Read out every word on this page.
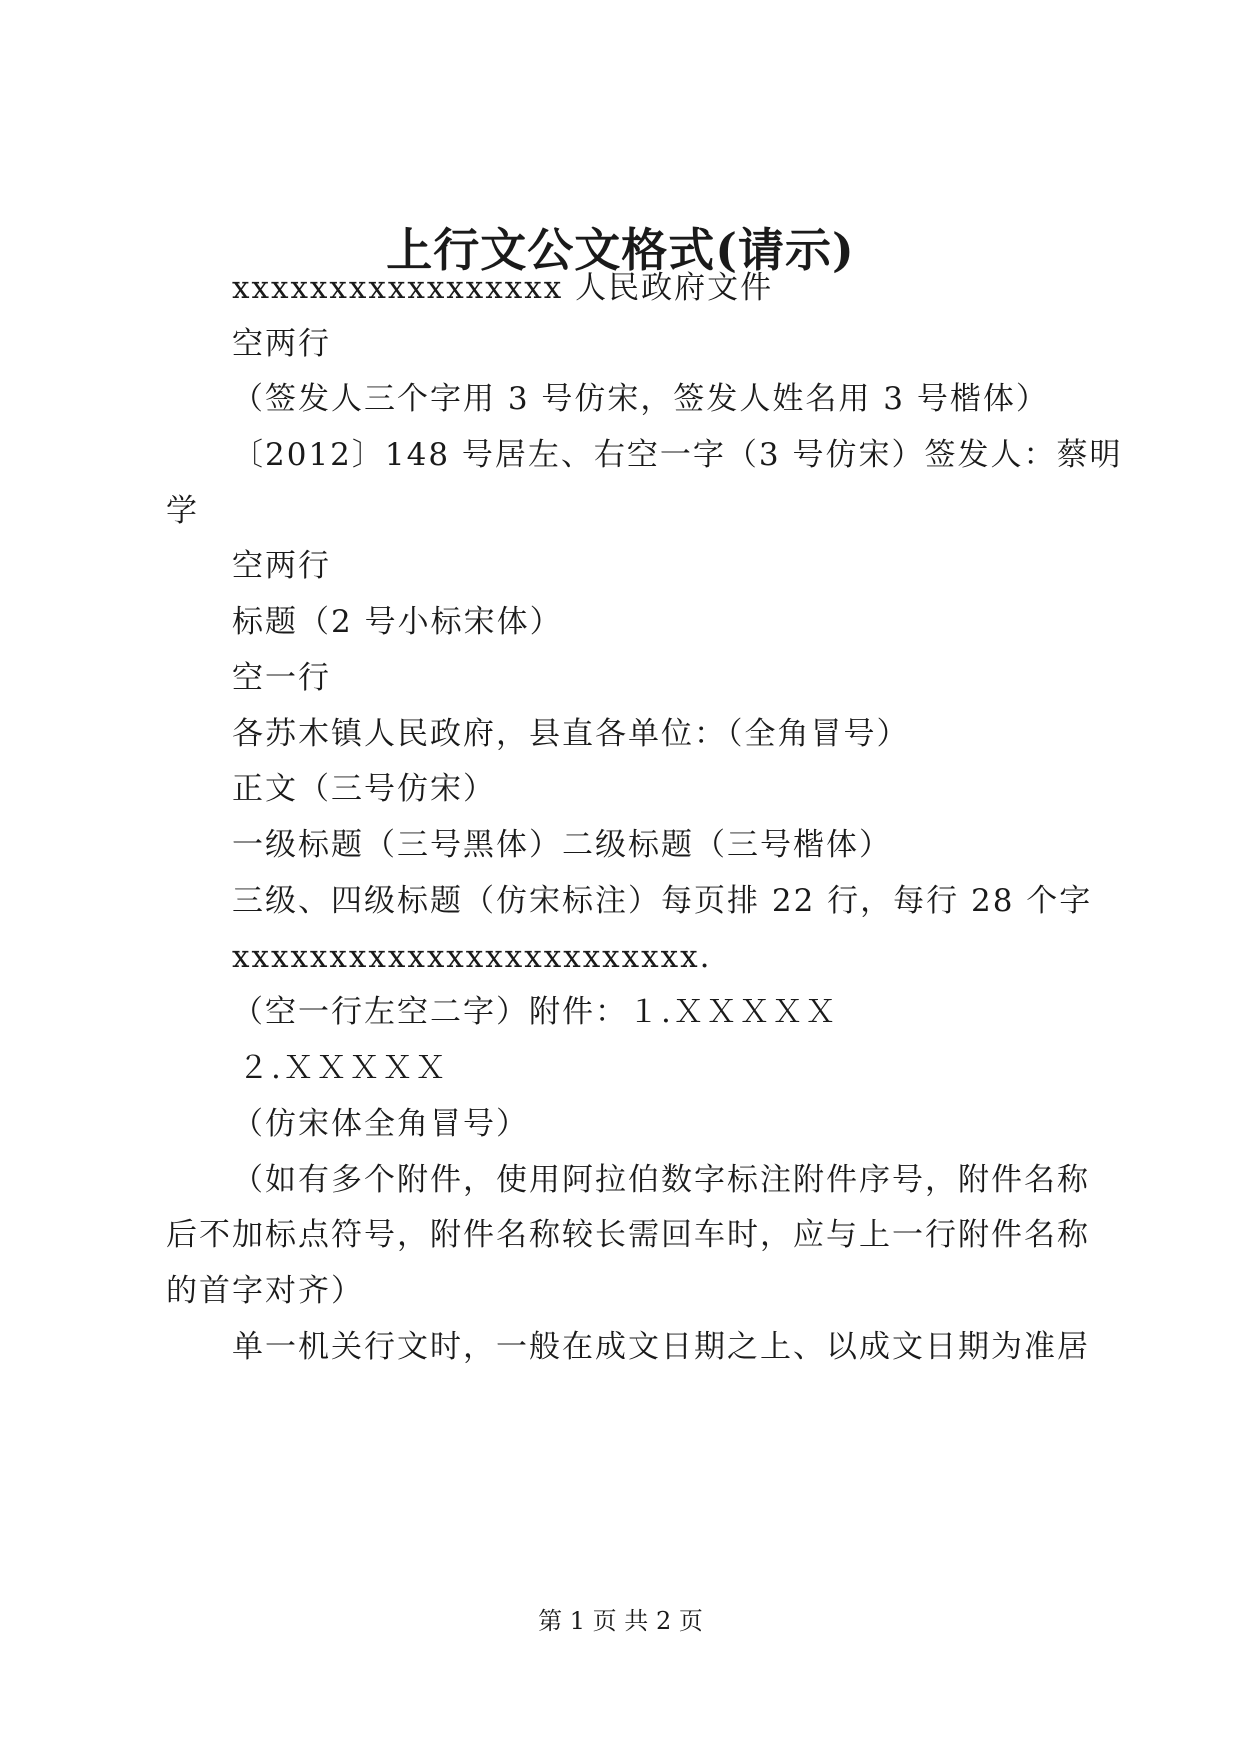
上行文公文格式(请示)

xxxxxxxxxxxxxxxxx 人民政府文件

空两行

（签发人三个字用 3 号仿宋，签发人姓名用 3 号楷体）

〔2012〕148 号居左、右空一字（3 号仿宋）签发人：蔡明

学

空两行

标题（2 号小标宋体）

空一行

各苏木镇人民政府，县直各单位：（全角冒号）

正文（三号仿宋）

一级标题（三号黑体）二级标题（三号楷体）

三级、四级标题（仿宋标注）每页排 22 行，每行 28 个字

xxxxxxxxxxxxxxxxxxxxxxxx.

（空一行左空二字）附件：１.ＸＸＸＸＸ

２.ＸＸＸＸＸ

（仿宋体全角冒号）

（如有多个附件，使用阿拉伯数字标注附件序号，附件名称

后不加标点符号，附件名称较长需回车时，应与上一行附件名称

的首字对齐）

单一机关行文时，一般在成文日期之上、以成文日期为准居

第 1 页 共 2 页
